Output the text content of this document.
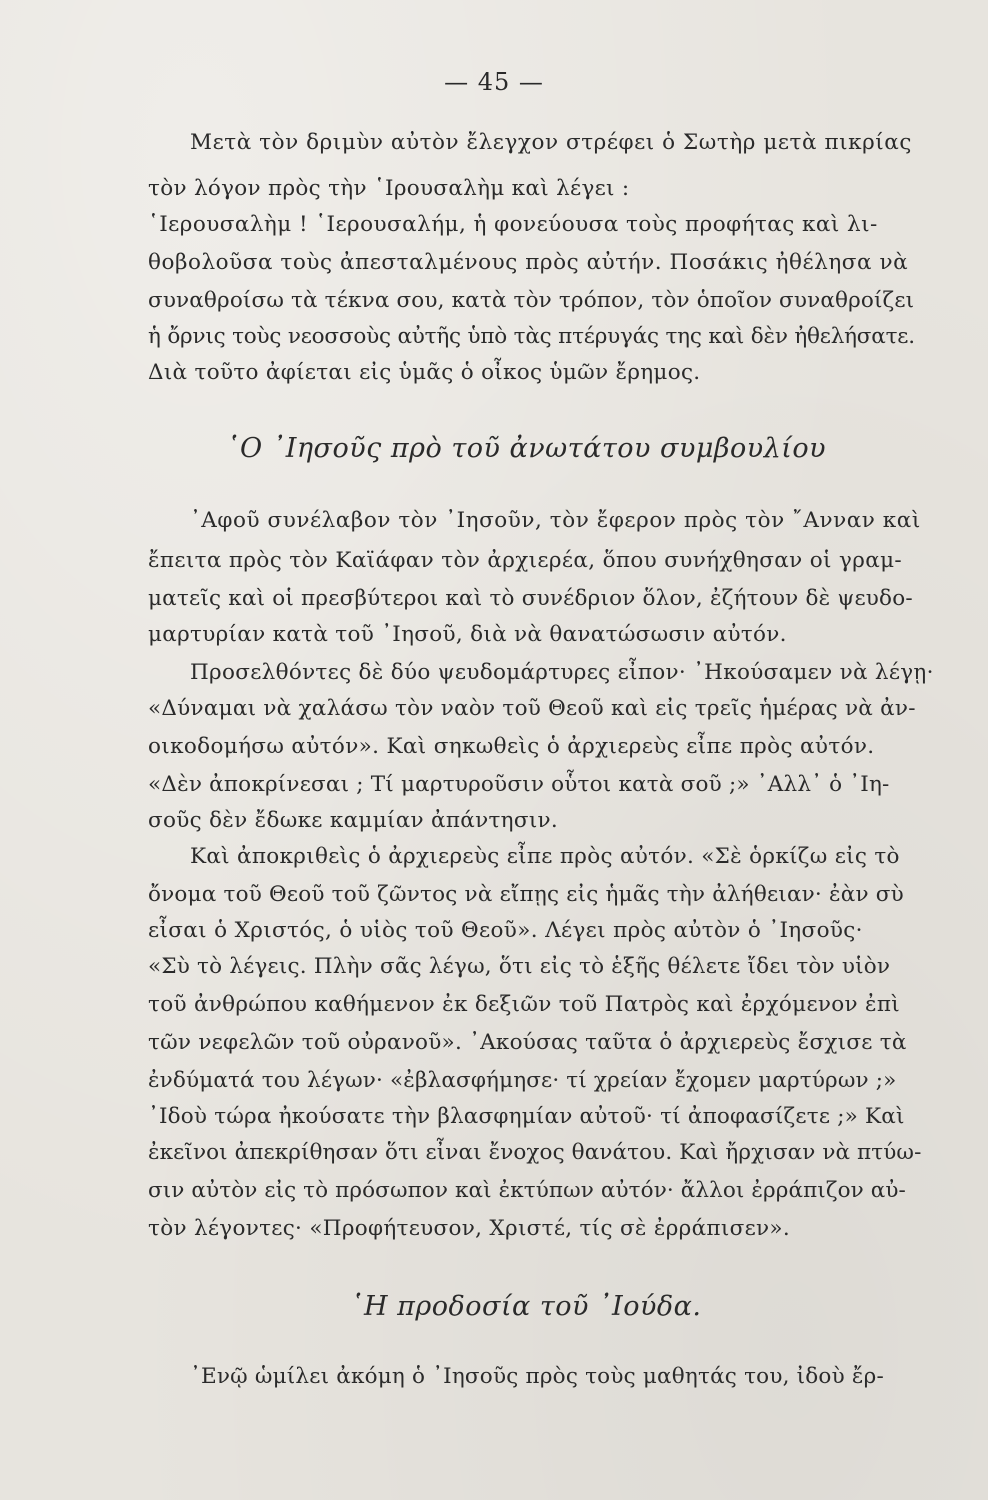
— 45 —
Μετὰ τὸν δριμὺν αὐτὸν ἔλεγχον στρέφει ὁ Σωτὴρ μετὰ πικρίας
τὸν λόγον πρὸς τὴν ῾Ιρουσαλὴμ καὶ λέγει :
῾Ιερουσαλὴμ ! ῾Ιερουσαλήμ, ἡ φονεύουσα τοὺς προφήτας καὶ λι-
θοβολοῦσα τοὺς ἀπεσταλμένους πρὸς αὐτήν. Ποσάκις ἠθέλησα νὰ
συναθροίσω τὰ τέκνα σου, κατὰ τὸν τρόπον, τὸν ὁποῖον συναθροίζει
ἡ ὄρνις τοὺς νεοσσοὺς αὐτῆς ὑπὸ τὰς πτέρυγάς της καὶ δὲν ἠθελήσατε.
Διὰ τοῦτο ἀφίεται εἰς ὑμᾶς ὁ οἶκος ὑμῶν ἔρημος.
῾Ο ᾿Ιησοῦς πρὸ τοῦ ἀνωτάτου συμβουλίου
᾿Αφοῦ συνέλαβον τὸν ᾿Ιησοῦν, τὸν ἔφερον πρὸς τὸν ῎Ανναν καὶ
ἔπειτα πρὸς τὸν Καϊάφαν τὸν ἀρχιερέα, ὅπου συνήχθησαν οἱ γραμ-
ματεῖς καὶ οἱ πρεσβύτεροι καὶ τὸ συνέδριον ὅλον, ἐζήτουν δὲ ψευδο-
μαρτυρίαν κατὰ τοῦ ᾿Ιησοῦ, διὰ νὰ θανατώσωσιν αὐτόν.
Προσελθόντες δὲ δύο ψευδομάρτυρες εἶπον· ᾿Ηκούσαμεν νὰ λέγῃ·
«Δύναμαι νὰ χαλάσω τὸν ναὸν τοῦ Θεοῦ καὶ εἰς τρεῖς ἡμέρας νὰ ἀν-
οικοδομήσω αὐτόν». Καὶ σηκωθεὶς ὁ ἀρχιερεὺς εἶπε πρὸς αὐτόν.
«Δὲν ἀποκρίνεσαι ; Τί μαρτυροῦσιν οὗτοι κατὰ σοῦ ;» ᾿Αλλ᾿ ὁ ᾿Ιη-
σοῦς δὲν ἔδωκε καμμίαν ἀπάντησιν.
Καὶ ἀποκριθεὶς ὁ ἀρχιερεὺς εἶπε πρὸς αὐτόν. «Σὲ ὁρκίζω εἰς τὸ
ὄνομα τοῦ Θεοῦ τοῦ ζῶντος νὰ εἴπῃς εἰς ἡμᾶς τὴν ἀλήθειαν· ἐὰν σὺ
εἶσαι ὁ Χριστός, ὁ υἱὸς τοῦ Θεοῦ». Λέγει πρὸς αὐτὸν ὁ ᾿Ιησοῦς·
«Σὺ τὸ λέγεις. Πλὴν σᾶς λέγω, ὅτι εἰς τὸ ἑξῆς θέλετε ἴδει τὸν υἱὸν
τοῦ ἀνθρώπου καθήμενον ἐκ δεξιῶν τοῦ Πατρὸς καὶ ἐρχόμενον ἐπὶ
τῶν νεφελῶν τοῦ οὐρανοῦ». ᾿Ακούσας ταῦτα ὁ ἀρχιερεὺς ἔσχισε τὰ
ἐνδύματά του λέγων· «ἐβλασφήμησε· τί χρείαν ἔχομεν μαρτύρων ;»
᾿Ιδοὺ τώρα ἠκούσατε τὴν βλασφημίαν αὐτοῦ· τί ἀποφασίζετε ;» Καὶ
ἐκεῖνοι ἀπεκρίθησαν ὅτι εἶναι ἔνοχος θανάτου. Καὶ ἤρχισαν νὰ πτύω-
σιν αὐτὸν εἰς τὸ πρόσωπον καὶ ἐκτύπων αὐτόν· ἄλλοι ἐρράπιζον αὐ-
τὸν λέγοντες· «Προφήτευσον, Χριστέ, τίς σὲ ἐρράπισεν».
῾Η προδοσία τοῦ ᾿Ιούδα.
᾿Ενῷ ὡμίλει ἀκόμη ὁ ᾿Ιησοῦς πρὸς τοὺς μαθητάς του, ἰδοὺ ἔρ-
